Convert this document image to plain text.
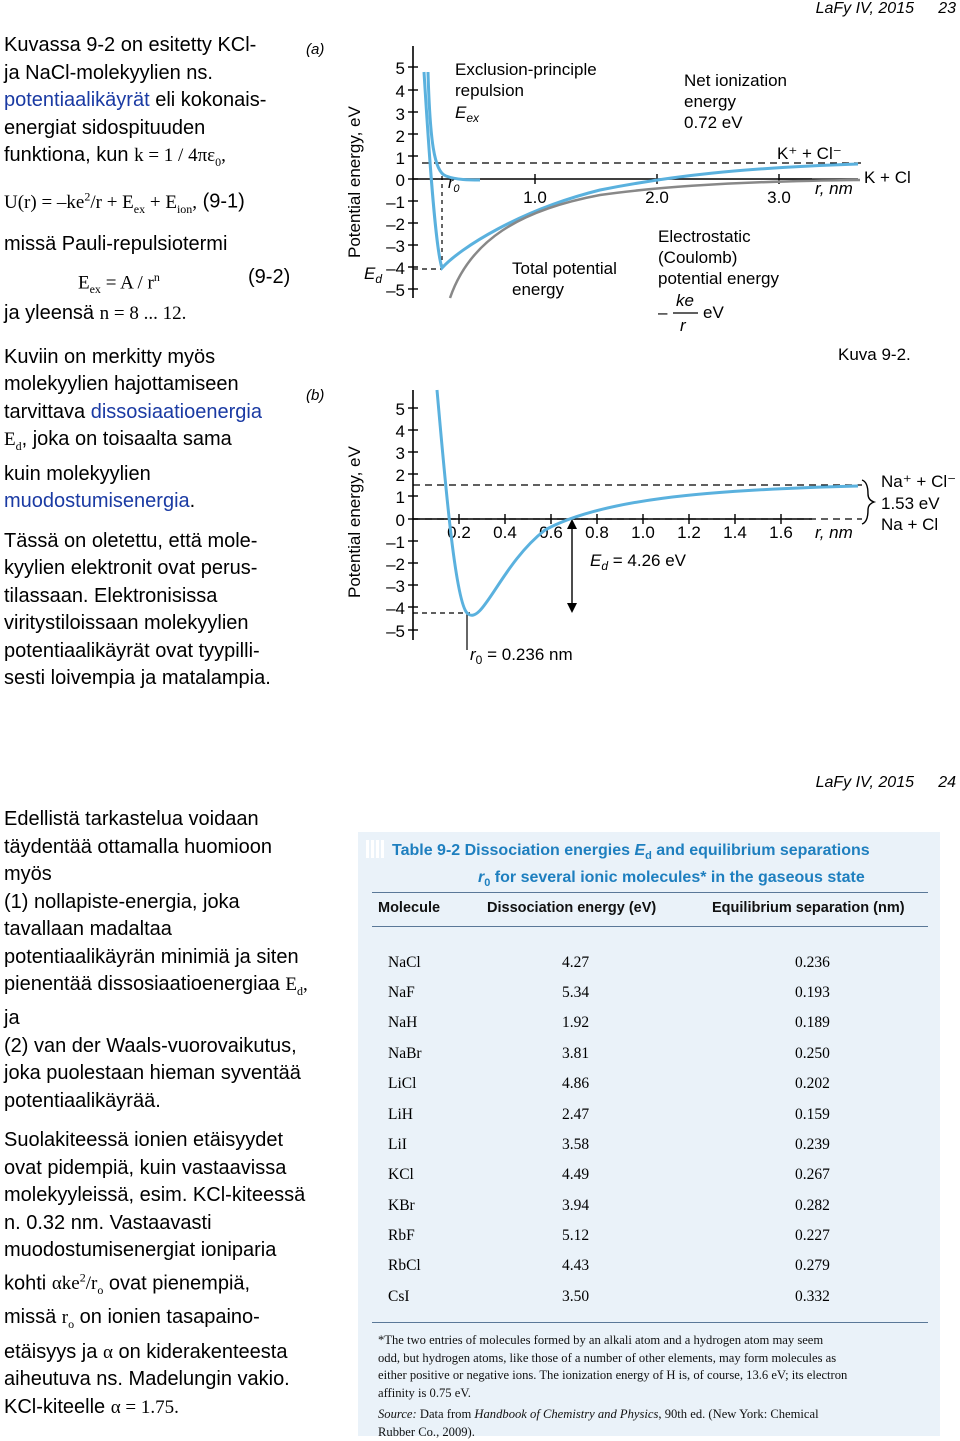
LaFy IV, 2015 23
Kuvassa 9-2 on esitetty KCl-
ja NaCl-molekyylien ns.
potentiaalikäyrät eli kokonais-
energiat sidospituuden
funktiona, kun $k = 1 / 4\pi\varepsilon_0$,
$U(r) = -ke^2/r + E_{ex} + E_{ion}$, (9-1)
missä Pauli-repulsiotermi
$E_{ex} = A / r^n$	(9-2)
ja yleensä n = 8 ... 12.
Kuviin on merkitty myös
molekyylien hajottamiseen
tarvittava dissosiaatioenergia
$E_d$, joka on toisaalta sama
kuin molekyylien
muodostumisenergia.
Tässä on oletettu, että mole-
kyylien elektronit ovat perus-
tilassaan. Elektronisissa
viritystiloissaan molekyylien
potentiaalikäyrät ovat tyypilli-
sesti loivempia ja matalampia.
(a)
Potential energy, eV
5
4
3
2
1
0
–1
–2
–3
–4
–5
1.0	2.0	3.0 r, nm
$r_0$
$E_d$
Exclusion-principle
repulsion
$E_{ex}$
Net ionization
energy
0.72 eV
K⁺ + Cl⁻
K + Cl
Total potential
energy
Electrostatic
(Coulomb)
potential energy
–
ke
r
eV
Kuva 9-2.
(b)
Potential energy, eV
5
4
3
2
1
0
–1
–2
–3
–4
–5
0.2 0.4 0.6 0.8 1.0 1.2 1.4 1.6 r, nm
Na⁺ + Cl⁻
1.53 eV
Na + Cl
$E_d = 4.26$ eV
$r_0 = 0.236$ nm
LaFy IV, 2015 24
Edellistä tarkastelua voidaan
täydentää ottamalla huomioon
myös
(1) nollapiste-energia, joka
tavallaan madaltaa
potentiaalikäyrän minimiä ja siten
pienentää dissosiaatioenergiaa $E_d$,
ja
(2) van der Waals-vuorovaikutus,
joka puolestaan hieman syventää
potentiaalikäyrää.
Suolakiteessä ionien etäisyydet
ovat pidempiä, kuin vastaavissa
molekyyleissä, esim. KCl-kiteessä
n. 0.32 nm. Vastaavasti
muodostumisenergiat ioniparia
kohti $\alpha ke^2/r_o$ ovat pienempiä,
missä $r_o$ on ionien tasapaino-
etäisyys ja α on kiderakenteesta
aiheutuva ns. Madelungin vakio.
KCl-kiteelle α = 1.75.
Table 9-2 Dissociation energies $E_d$ and equilibrium separations
$r_0$ for several ionic molecules* in the gaseous state
Molecule	Dissociation energy (eV)	Equilibrium separation (nm)
NaCl	4.27	0.236
NaF	5.34	0.193
NaH	1.92	0.189
NaBr	3.81	0.250
LiCl	4.86	0.202
LiH	2.47	0.159
LiI	3.58	0.239
KCl	4.49	0.267
KBr	3.94	0.282
RbF	5.12	0.227
RbCl	4.43	0.279
CsI	3.50	0.332
*The two entries of molecules formed by an alkali atom and a hydrogen atom may seem
odd, but hydrogen atoms, like those of a number of other elements, may form molecules as
either positive or negative ions. The ionization energy of H is, of course, 13.6 eV; its electron
affinity is 0.75 eV.
Source: Data from Handbook of Chemistry and Physics, 90th ed. (New York: Chemical
Rubber Co., 2009).
